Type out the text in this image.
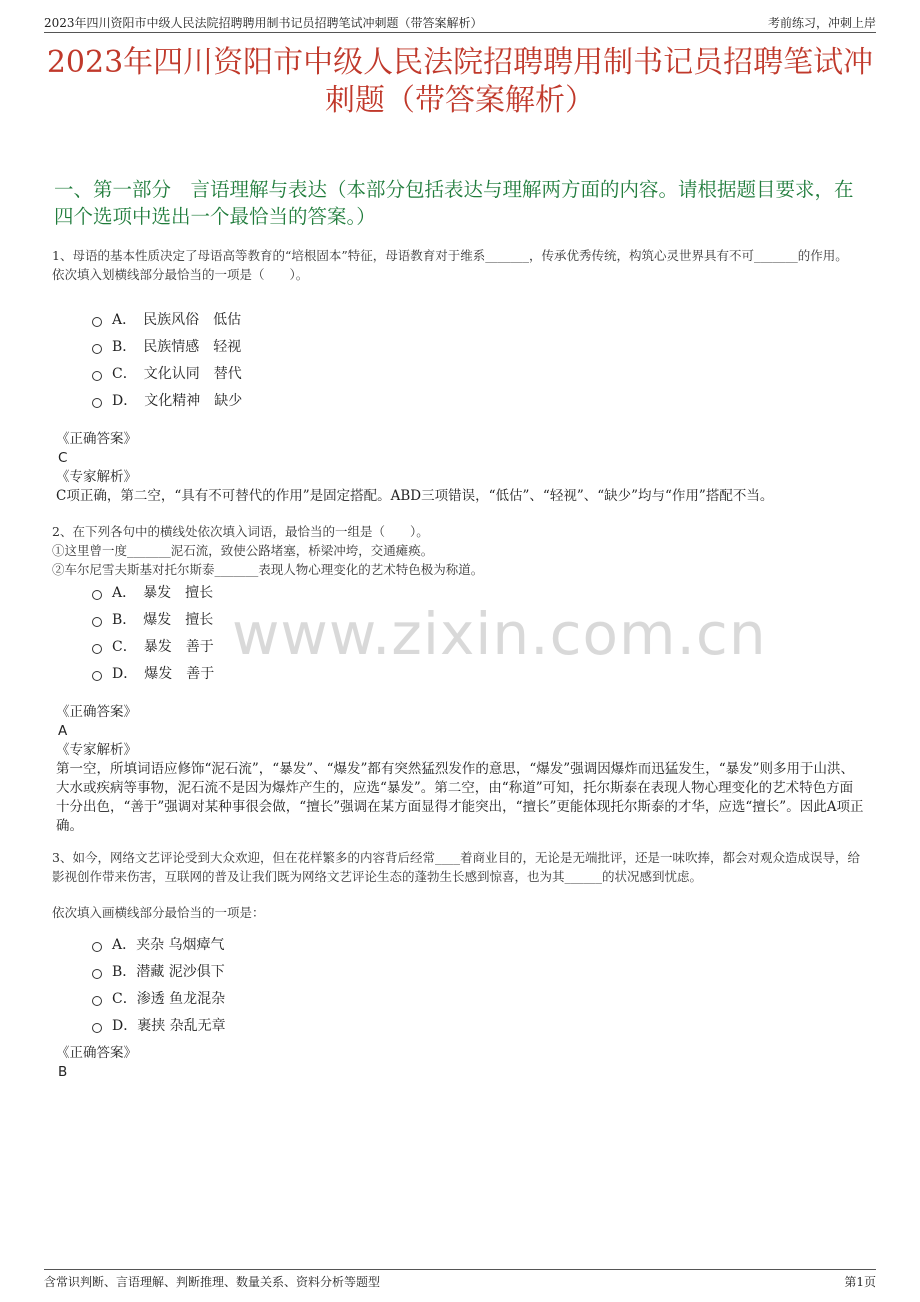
2023年四川资阳市中级人民法院招聘聘用制书记员招聘笔试冲刺题（带答案解析）	考前练习，冲刺上岸
2023年四川资阳市中级人民法院招聘聘用制书记员招聘笔试冲
刺题（带答案解析）
一、第一部分　言语理解与表达（本部分包括表达与理解两方面的内容。请根据题目要求，在四个选项中选出一个最恰当的答案。）
1、母语的基本性质决定了母语高等教育的“培根固本”特征，母语教育对于维系_______，传承优秀传统，构筑心灵世界具有不可_______的作用。
依次填入划横线部分最恰当的一项是（　　）。
A．　民族风俗　低估
B．　民族情感　轻视
C．　文化认同　替代
D．　文化精神　缺少
《正确答案》
C
《专家解析》
C项正确，第二空，“具有不可替代的作用”是固定搭配。ABD三项错误，“低估”、“轻视”、“缺少”均与“作用”搭配不当。
2、在下列各句中的横线处依次填入词语，最恰当的一组是（　　）。
①这里曾一度_______泥石流，致使公路堵塞，桥梁冲垮，交通瘫痪。
②车尔尼雪夫斯基对托尔斯泰_______表现人物心理变化的艺术特色极为称道。
A．　暴发　擅长
B．　爆发　擅长
C．　暴发　善于
D．　爆发　善于
《正确答案》
A
《专家解析》
第一空，所填词语应修饰“泥石流”，“暴发”、“爆发”都有突然猛烈发作的意思，“爆发”强调因爆炸而迅猛发生，“暴发”则多用于山洪、大水或疾病等事物，泥石流不是因为爆炸产生的，应选“暴发”。第二空，由“称道”可知，托尔斯泰在表现人物心理变化的艺术特色方面十分出色，“善于”强调对某种事很会做，“擅长”强调在某方面显得才能突出，“擅长”更能体现托尔斯泰的才华，应选“擅长”。因此A项正确。
www.zixin.com.cn
3、如今，网络文艺评论受到大众欢迎，但在花样繁多的内容背后经常____着商业目的，无论是无端批评，还是一味吹捧，都会对观众造成误导，给影视创作带来伤害，互联网的普及让我们既为网络文艺评论生态的蓬勃生长感到惊喜，也为其______的状况感到忧虑。
依次填入画横线部分最恰当的一项是：
A．夹杂 乌烟瘴气
B．潜藏 泥沙俱下
C．渗透 鱼龙混杂
D．裹挟 杂乱无章
《正确答案》
B
含常识判断、言语理解、判断推理、数量关系、资料分析等题型	第1页
